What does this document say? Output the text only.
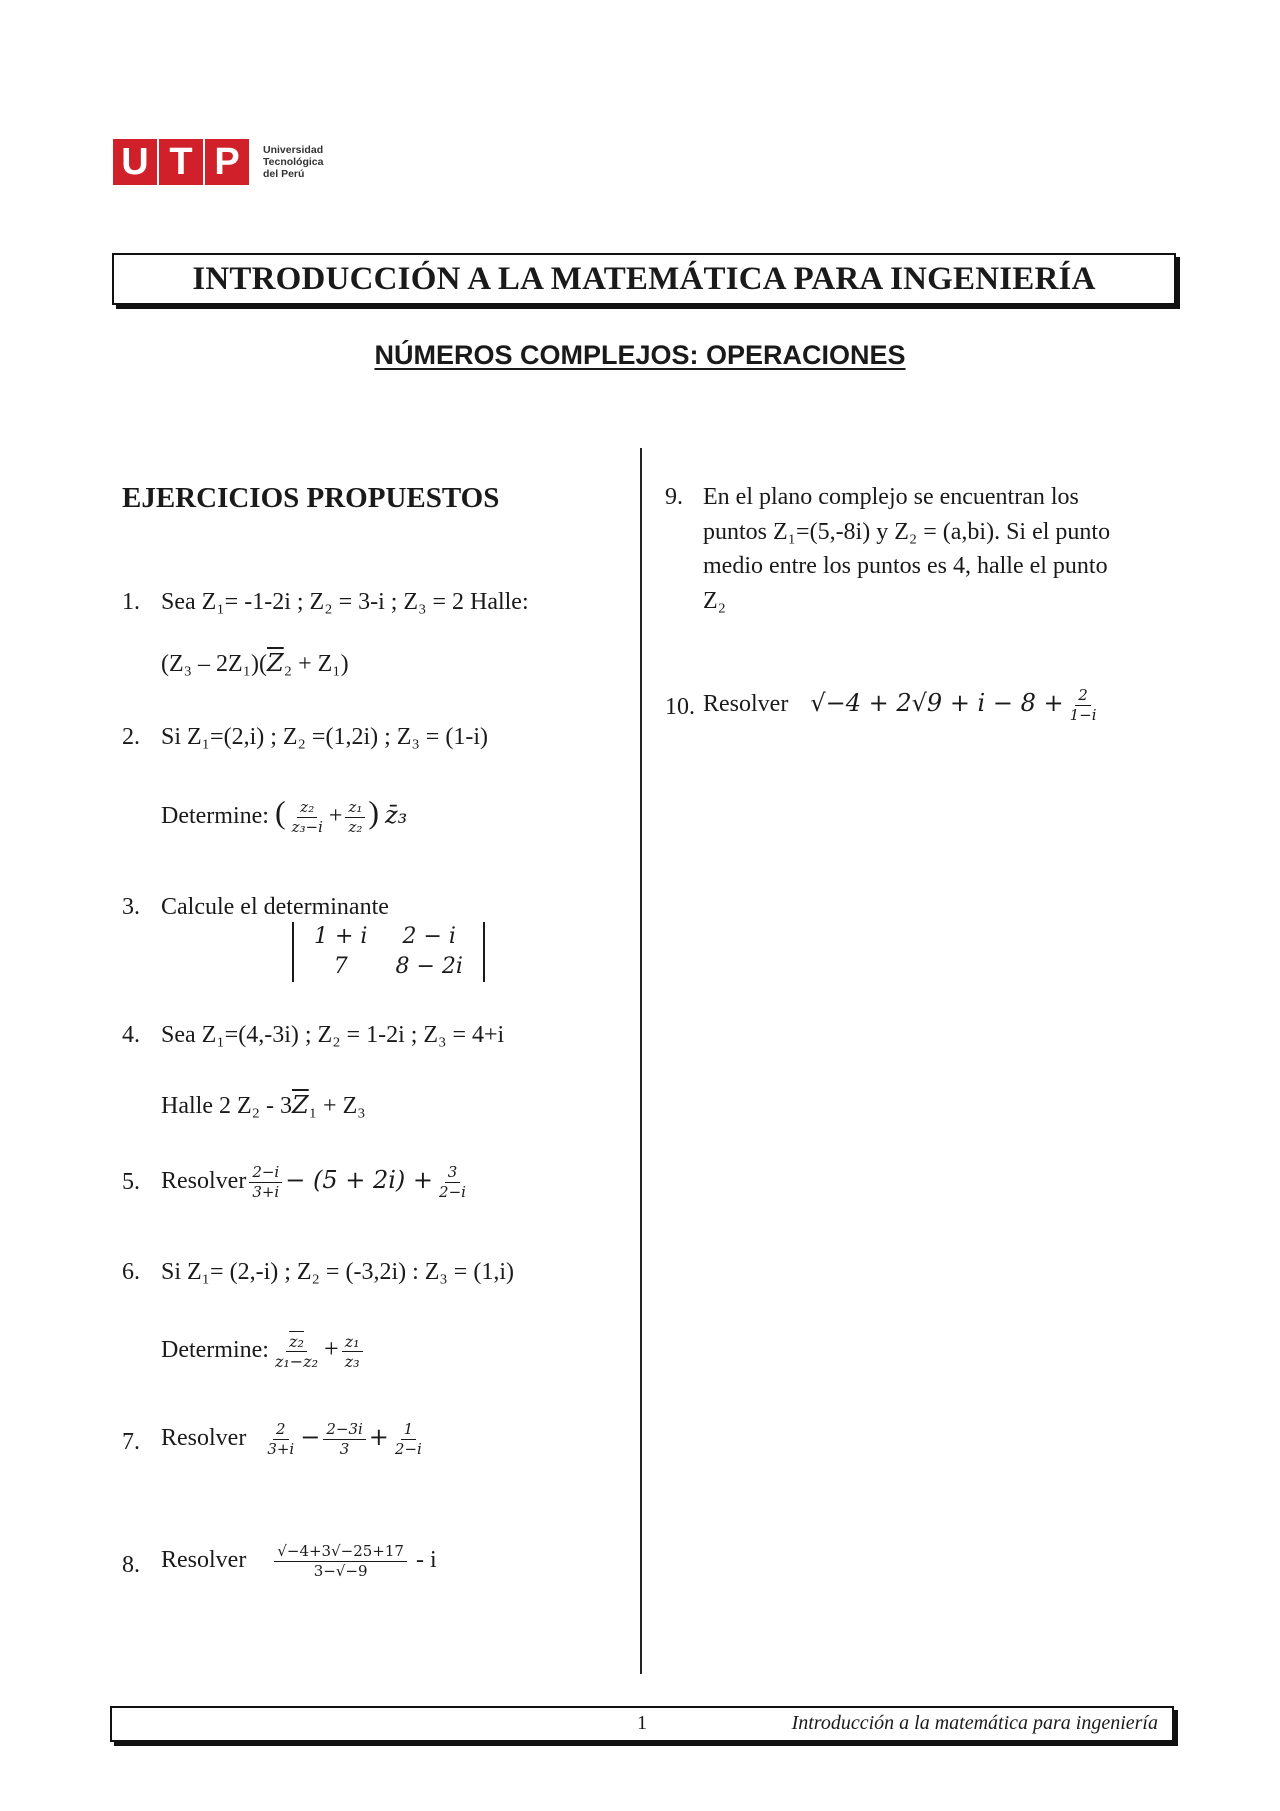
U T P	Universidad
Tecnológica
del Perú
INTRODUCCIÓN A LA MATEMÁTICA PARA INGENIERÍA
NÚMEROS COMPLEJOS: OPERACIONES
EJERCICIOS PROPUESTOS
1. Sea Z₁= -1-2i ; Z₂ = 3-i ; Z₃ = 2 Halle:
$(Z_3 - 2Z_1)(\overline{Z}_2 + Z_1)$
2. Si Z₁=(2,i) ; Z₂ =(1,2i) ; Z₃ = (1-i)
Determine: ( $\frac{\text{z₂}}{\text{z₃−i}} + \frac{\text{z₁}}{\text{z₂}}$ ) z̄₃
3. Calcule el determinante
1 + i	2 − i
7	8 − 2i
4. Sea Z₁=(4,-3i) ; Z₂ = 1-2i ; Z₃ = 4+i
Halle 2 $Z_2 - 3\overline{Z}_1 + Z_3$
5. Resolver $\frac{2-i}{3+i} - (5 + 2i) + \frac{3}{2-i}$
6. Si Z₁= (2,-i) ; Z₂ = (-3,2i) : Z₃ = (1,i)
Determine: $\frac{\text{z₂}}{\text{z₁−z₂}} + \frac{\text{z₁}}{\text{z₃}}$
7. Resolver $\frac{2}{3+i} - \frac{2-3i}{3} + \frac{1}{2-i}$
8. Resolver $\frac{√-4+3√-25+17}{3-√-9}$ - i
9. En el plano complejo se encuentran los
puntos Z₁=(5,-8i) y Z₂ = (a,bi). Si el punto
medio entre los puntos es 4, halle el punto
Z₂
10. Resolver $√-4 + 2√9 + i - 8 + \frac{2}{1-i}$
1	Introducción a la matemática para ingeniería
